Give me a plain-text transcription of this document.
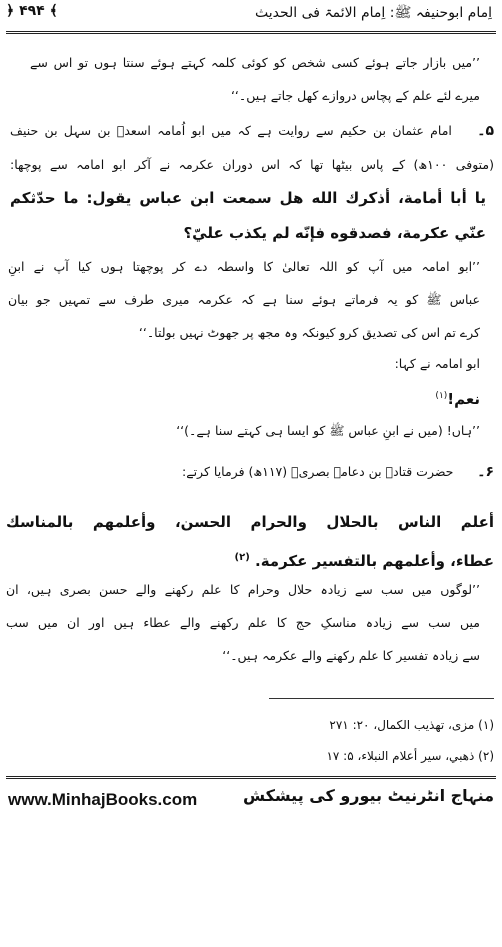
اِمام ابوحنیفہ ﷺ: اِمام الائمۃ فی الحدیث
﴾ ۴۹۴ ﴿
’’میں بازار جاتے ہوئے کسی شخص کو کوئی کلمہ کہتے ہوئے سنتا ہوں تو اس سے
میرے لئے علم کے پچاس دروازے کھل جاتے ہیں۔‘‘
۵۔    امام عثمان بن حکیم سے روایت ہے کہ میں ابو اُمامہ اسعدؒ بن سہل بن حنیف
(متوفی ۱۰۰ھ) کے پاس بیٹھا تھا کہ اس دوران عکرمہ نے آکر ابو امامہ سے پوچھا:
يا أبا أمامة، أذكرك الله هل سمعت ابن عباس يقول: ما حدّثكم
عنّي عكرمة، فصدقوه فإنّه لم يكذب عليّ؟
’’ابو امامہ میں آپ کو اللہ تعالیٰ کا واسطہ دے کر پوچھتا ہوں کیا آپ نے ابنِ
عباس ﷺ کو یہ فرماتے ہوئے سنا ہے کہ عکرمہ میری طرف سے تمہیں جو بیان
کرے تم اس کی تصدیق کرو کیونکہ وہ مجھ پر جھوٹ نہیں بولتا۔‘‘
ابو امامہ نے کہا:
نعم!$^{(۱)}$
’’ہاں! (میں نے ابنِ عباس ﷺ کو ایسا ہی کہتے سنا ہے۔)‘‘
۶۔      حضرت قتادہ بن دعامہ بصریؒ (۱۱۷ھ) فرمایا کرتے:
أعلم الناس بالحلال والحرام الحسن، وأعلمهم بالمناسك
عطاء، وأعلمهم بالتفسير عكرمة. $^{(۲)}$
’’لوگوں میں سب سے زیادہ حلال وحرام کا علم رکھنے والے حسن بصری ہیں، ان
میں سب سے زیادہ مناسکِ حج کا علم رکھنے والے عطاء ہیں اور ان میں سب
سے زیادہ تفسیر کا علم رکھنے والے عکرمہ ہیں۔‘‘
(۱) مزی، تهذيب الكمال، ۲۰: ۲۷۱
(۲) ذهبي، سير أعلام النبلاء، ۵: ۱۷
www.MinhajBooks.com	منہاج انٹرنیٹ بیورو کی پیشکش
